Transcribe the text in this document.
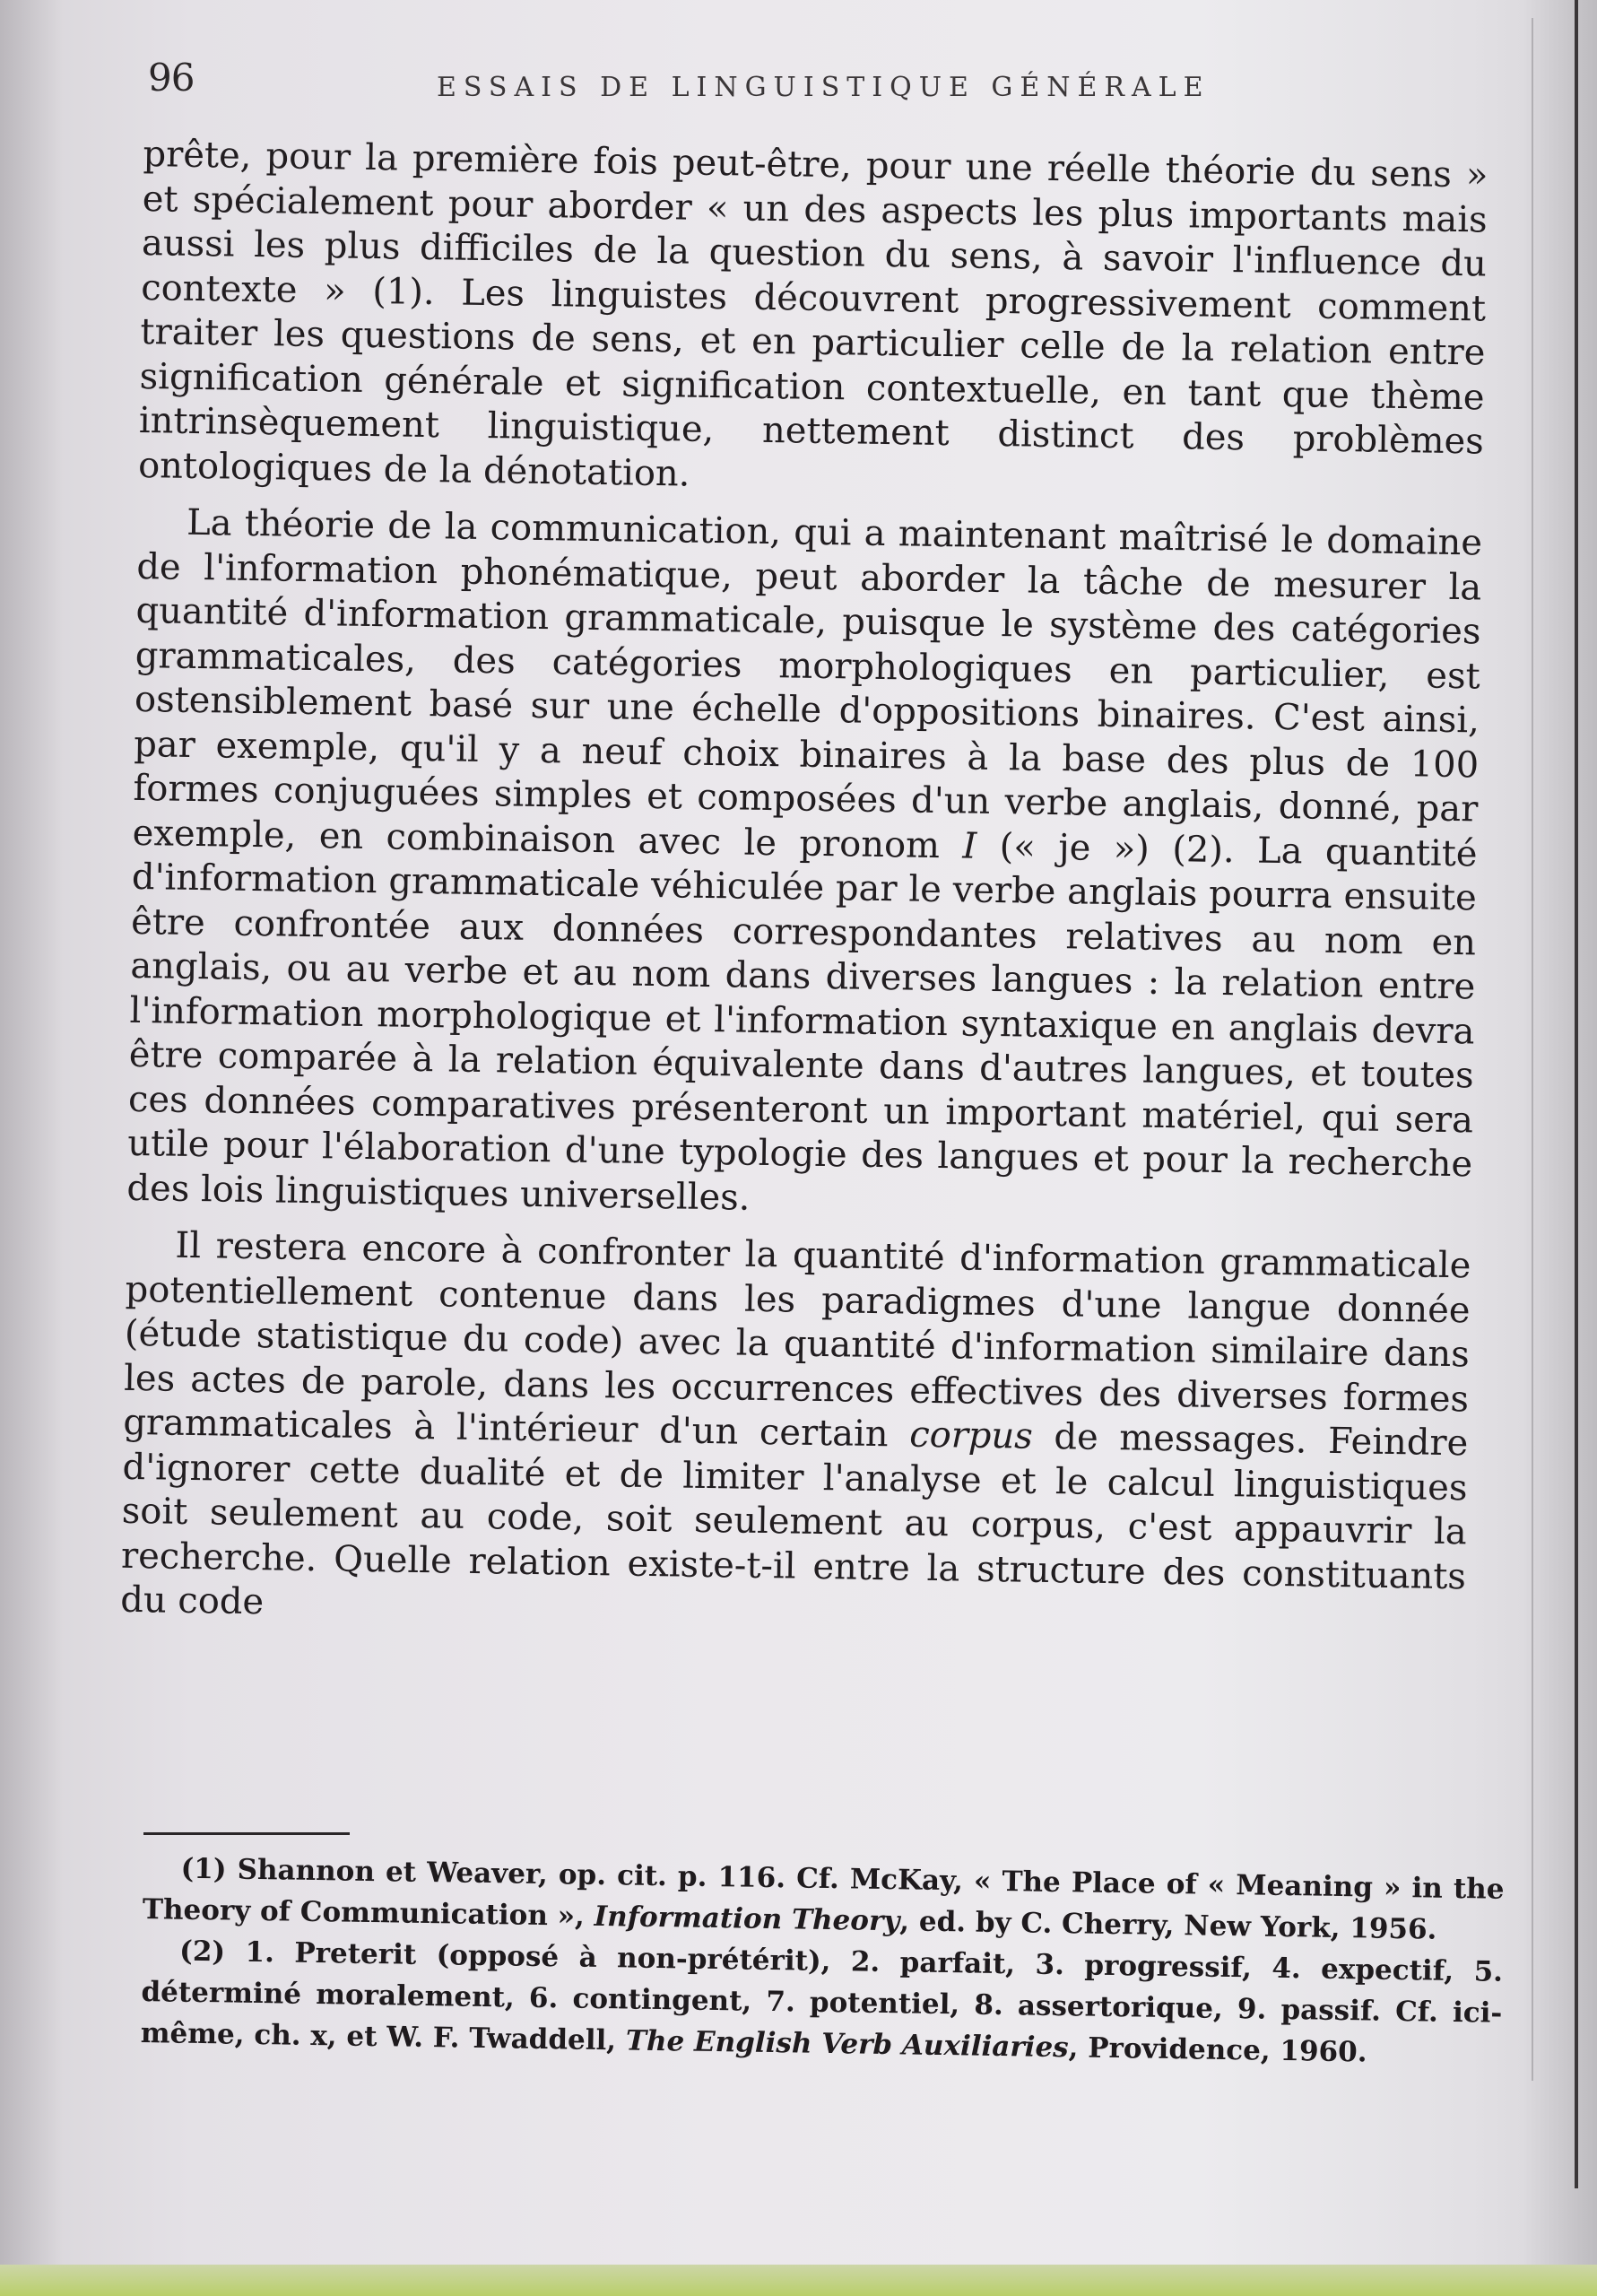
96	ESSAIS DE LINGUISTIQUE GÉNÉRALE

prête, pour la première fois peut-être, pour une réelle théorie du sens » et spécialement pour aborder « un des aspects les plus importants mais aussi les plus difficiles de la question du sens, à savoir l'influence du contexte » (1). Les linguistes découvrent progressivement comment traiter les questions de sens, et en particulier celle de la relation entre signification générale et signification contextuelle, en tant que thème intrinsèquement linguistique, nettement distinct des problèmes ontologiques de la dénotation.

La théorie de la communication, qui a maintenant maîtrisé le domaine de l'information phonématique, peut aborder la tâche de mesurer la quantité d'information grammaticale, puisque le système des catégories grammaticales, des catégories morphologiques en particulier, est ostensiblement basé sur une échelle d'oppositions binaires. C'est ainsi, par exemple, qu'il y a neuf choix binaires à la base des plus de 100 formes conjuguées simples et composées d'un verbe anglais, donné, par exemple, en combinaison avec le pronom I (« je ») (2). La quantité d'information grammaticale véhiculée par le verbe anglais pourra ensuite être confrontée aux données correspondantes relatives au nom en anglais, ou au verbe et au nom dans diverses langues : la relation entre l'information morphologique et l'information syntaxique en anglais devra être comparée à la relation équivalente dans d'autres langues, et toutes ces données comparatives présenteront un important matériel, qui sera utile pour l'élaboration d'une typologie des langues et pour la recherche des lois linguistiques universelles.

Il restera encore à confronter la quantité d'information grammaticale potentiellement contenue dans les paradigmes d'une langue donnée (étude statistique du code) avec la quantité d'information similaire dans les actes de parole, dans les occurrences effectives des diverses formes grammaticales à l'intérieur d'un certain corpus de messages. Feindre d'ignorer cette dualité et de limiter l'analyse et le calcul linguistiques soit seulement au code, soit seulement au corpus, c'est appauvrir la recherche. Quelle relation existe-t-il entre la structure des constituants du code

(1) Shannon et Weaver, op. cit. p. 116. Cf. McKay, « The Place of « Meaning » in the Theory of Communication », Information Theory, ed. by C. Cherry, New York, 1956.

(2) 1. Preterit (opposé à non-prétérit), 2. parfait, 3. progressif, 4. expectif, 5. déterminé moralement, 6. contingent, 7. potentiel, 8. assertorique, 9. passif. Cf. ici-même, ch. x, et W. F. Twaddell, The English Verb Auxiliaries, Providence, 1960.
